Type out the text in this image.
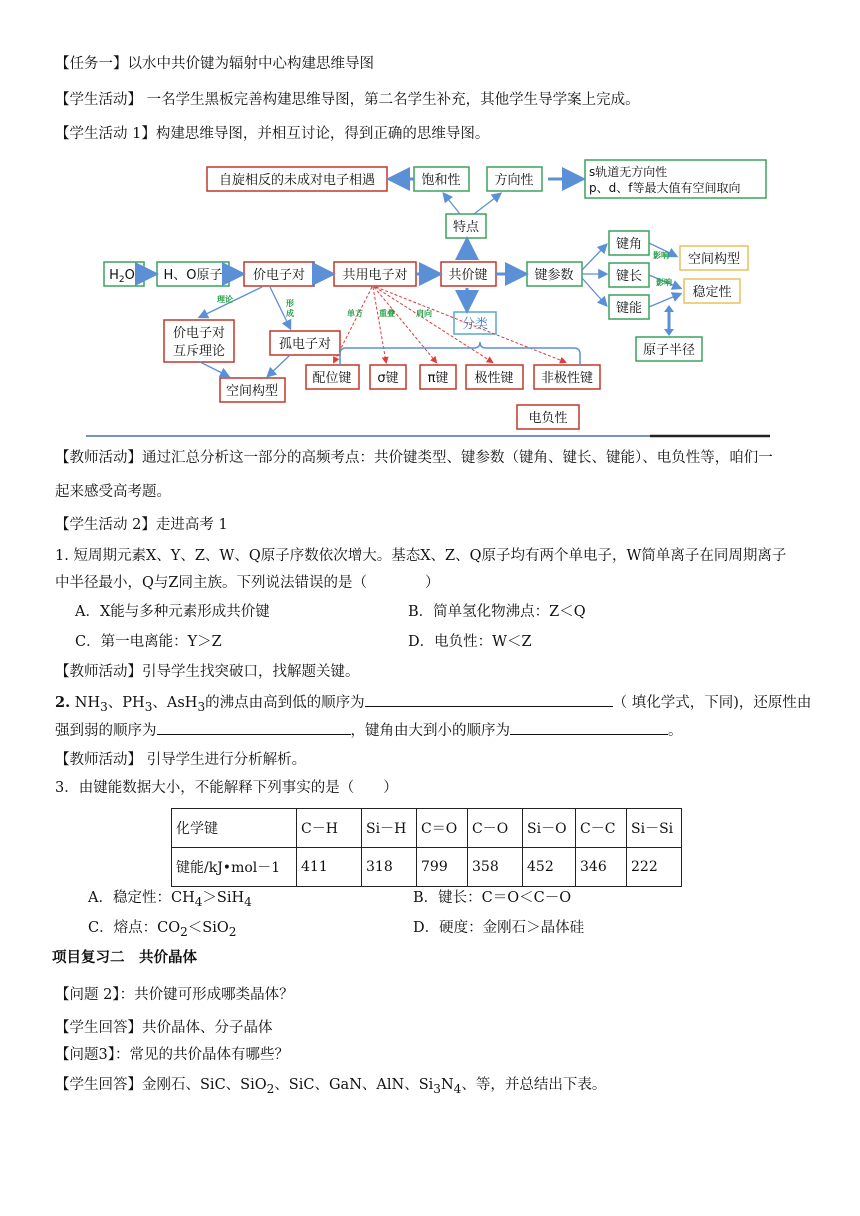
【任务一】以水中共价键为辐射中心构建思维导图
【学生活动】 一名学生黑板完善构建思维导图，第二名学生补充，其他学生导学案上完成。
【学生活动 1】构建思维导图，并相互讨论，得到正确的思维导图。
自旋相反的未成对电子相遇	饱和性	方向性
s轨道无方向性
p、d、f等最大值有空间取向
特点
$H_2O$ H、O原子 价电子对	共用电子对	共价键	键参数
键角
键长
键能
空间构型
稳定性
原子半径
分类
价电子对
互斥理论	孤电子对
空间构型
配位键 σ键 π键 极性键 非极性键
电负性
理论	形
成	单方 重叠	肩向
影响
影响
【教师活动】通过汇总分析这一部分的高频考点：共价键类型、键参数（键角、键长、键能）、电负性等，咱们一
起来感受高考题。
【学生活动 2】走进高考 1
1. 短周期元素X、Y、Z、W、Q原子序数依次增大。基态X、Z、Q原子均有两个单电子，W简单离子在同周期离子
中半径最小，Q与Z同主族。下列说法错误的是（　　　　）
A．X能与多种元素形成共价键	B．简单氢化物沸点：Z＜Q
C．第一电离能：Y＞Z	D．电负性：W＜Z
【教师活动】引导学生找突破口，找解题关键。
2. $NH_3$、$PH_3$、AsH$_3$的沸点由高到低的顺序为	（ 填化学式，下同)，还原性由
强到弱的顺序为	，键角由大到小的顺序为	。
【教师活动】 引导学生进行分析解析。
3．由键能数据大小，不能解释下列事实的是（　　）
化学键	C－H	Si－H	C＝O	C－O	Si－O	C－C	Si－Si
键能/kJ•mol－1	411	318	799	358	452	346	222
A．稳定性：$CH_4>SiH_4$	B．键长：C＝O＜C－O
C．熔点：$CO_2<SiO_2$	D．硬度：金刚石＞晶体硅
项目复习二　共价晶体
【问题 2】：共价键可形成哪类晶体？
【学生回答】共价晶体、分子晶体
【问题3】：常见的共价晶体有哪些？
【学生回答】金刚石、SiC、SiO$_2$、SiC、GaN、AlN、$Si_3N_4$、等，并总结出下表。
